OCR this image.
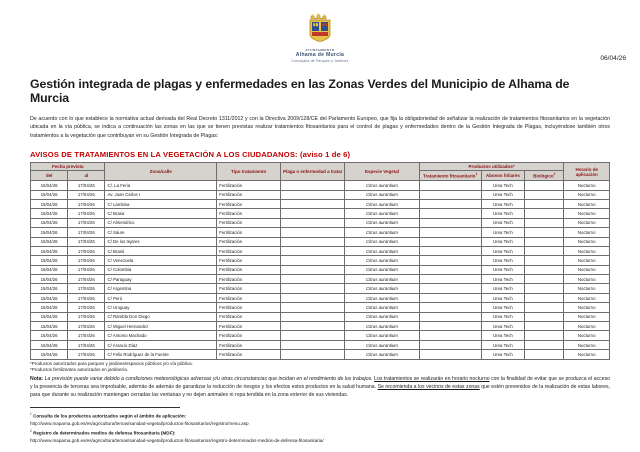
AYUNTAMIENTO
Alhama de Murcia
Concejalía de Parques y Jardines	06/04/26
Gestión integrada de plagas y enfermedades en las Zonas Verdes del Municipio de Alhama de Murcia

De acuerdo con lo que establece la normativa actual derivada del Real Decreto 1311/2012 y con la Directiva 2009/128/CE del Parlamento Europeo, que fija la obligatoriedad de señalizar la realización de tratamientos fitosanitarios en la vegetación ubicada en la vía pública, se indica a continuación las zonas en las que se tienen previstas realizar tratamientos fitosanitarios para el control de plagas y enfermedades dentro de la Gestión Integrada de Plagas, incluyéndose también otros tratamientos a la vegetación que contribuyan en su Gestión Integrada de Plagas:

AVISOS DE TRATAMIENTOS EN LA VEGETACIÓN A LOS CIUDADANOS: (aviso 1 de 6)
Fecha prevista		Zona/calle	Tipo tratamiento	Plaga o enfermedad a tratar	Especie Vegetal	Productos utilizados*			Horario de aplicación
del	al					Tratamiento fitosanitario$^1$	Abonos foliares	Biológico$^2$
15/04/26	17/04/26	C/. La Feria	Fertilización		Citrus aurantium		Urea Tech		Nocturno
15/04/26	17/04/26	Av. Juan Carlos I	Fertilización		Citrus aurantium		Urea Tech		Nocturno
15/04/26	17/04/26	C/ Lambisa	Fertilización		Citrus aurantium		Urea Tech		Nocturno
15/04/26	17/04/26	C/ Brasa	Fertilización		Citrus aurantium		Urea Tech		Nocturno
15/04/26	17/04/26	C/ Almendrico	Fertilización		Citrus aurantium		Urea Tech		Nocturno
15/04/26	17/04/26	C/ Sáure	Fertilización		Citrus aurantium		Urea Tech		Nocturno
15/04/26	17/04/26	C/ De los tejares	Fertilización		Citrus aurantium		Urea Tech		Nocturno
15/04/26	17/04/26	C/ Brasil	Fertilización		Citrus aurantium		Urea Tech		Nocturno
15/04/26	17/04/26	C/ Venezuela	Fertilización		Citrus aurantium		Urea Tech		Nocturno
15/04/26	17/04/26	C/ Colombia	Fertilización		Citrus aurantium		Urea Tech		Nocturno
15/04/26	17/04/26	C/ Paraguay	Fertilización		Citrus aurantium		Urea Tech		Nocturno
15/04/26	17/04/26	C/ Argentina	Fertilización		Citrus aurantium		Urea Tech		Nocturno
15/04/26	17/04/26	C/ Perú	Fertilización		Citrus aurantium		Urea Tech		Nocturno
15/04/26	17/04/26	C/ Uruguay	Fertilización		Citrus aurantium		Urea Tech		Nocturno
15/04/26	17/04/26	C/ Rambla Don Diego	Fertilización		Citrus aurantium		Urea Tech		Nocturno
15/04/26	17/04/26	C/ Miguel Hernandez	Fertilización		Citrus aurantium		Urea Tech		Nocturno
15/04/26	17/04/26	C/ Antonio Machado	Fertilización		Citrus aurantium		Urea Tech		Nocturno
15/04/26	17/04/26	C/ Arsacio Díaz	Fertilización		Citrus aurantium		Urea Tech		Nocturno
15/04/26	17/04/26	C/ Felix Rodríguez de la Fuente	Fertilización		Citrus aurantium		Urea Tech		Nocturno
*Productos autorizados para parques y jardines/espacios públicos y/o vía pública.
*Productos fertilizantes autorizados en jardinería.

Nota: La previsión puede variar debido a condiciones meteorológicas adversas y/u otras circunstancias que incidan en el rendimiento de los trabajos. Los tratamientos se realizarán en horario nocturno con la finalidad de evitar que se produzca el acceso y la presencia de terceras sea improbable, además de además de garantizar la reducción de riesgos y los efectos estos productos en la salud humana. Se recomienda a los vecinos de estas zonas que estén prevenidos de la realización de estas labores, para que durante su realización mantengan cerradas las ventanas y no dejen animales ni ropa tendida en la zona exterior de sus viviendas.

$^1$ Consulta de los productos autorizados según el ámbito de aplicación:
http://www.mapama.gob.es/es/agricultura/temas/sanidad-vegetal/productos-fitosanitarios/registro/menu.asp
$^2$ Registro de determinados medios de defensa fitosanitaria (MDF):
http://www.mapama.gob.es/es/agricultura/temas/sanidad-vegetal/productos-fitosanitarios/registro-determinados-medios-de-defensa-fitosanitaria/
